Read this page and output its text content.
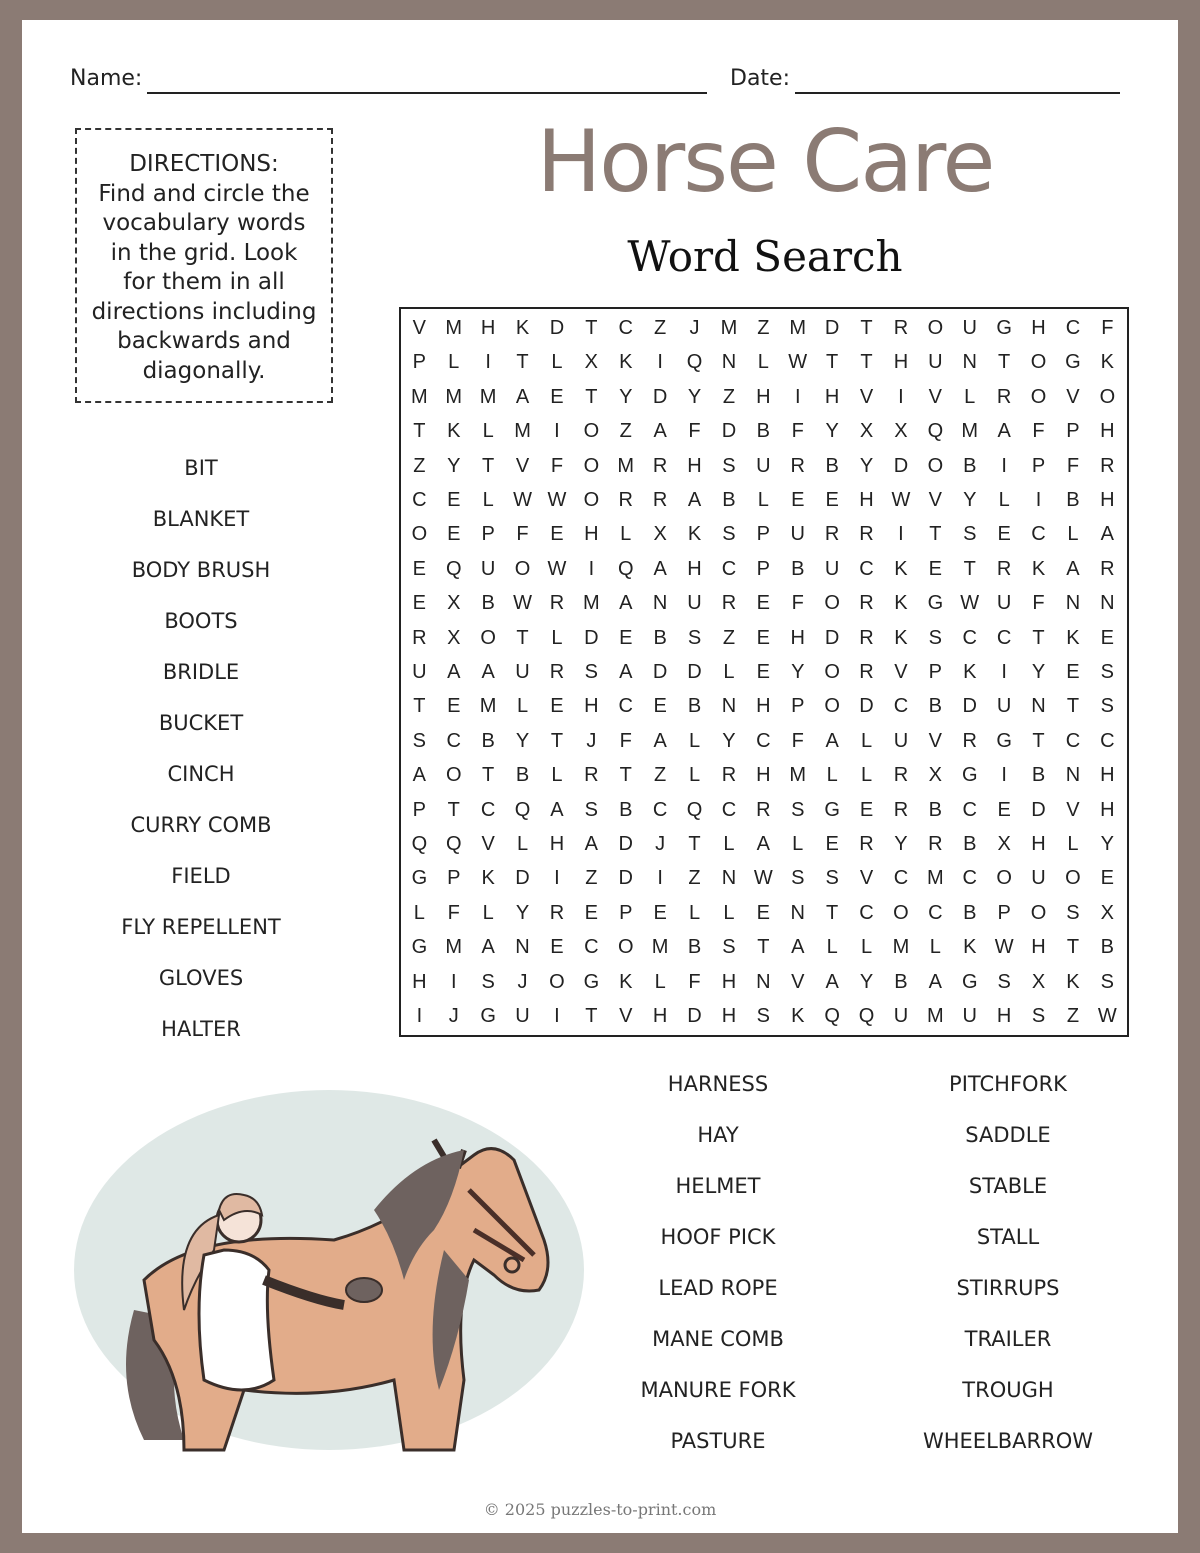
Name:	Date:
DIRECTIONS:
Find and circle the
vocabulary words
in the grid. Look
for them in all
directions including
backwards and
diagonally.
Horse Care
Word Search
V M H	K	D	T	C	Z	J	M Z M D	T	R O U G H C	F
P	L	I	T	L	X	K	I	Q N	L W T	T	H U N	T	O G K
M M M A	E	T	Y	D	Y	Z	H	I	H	V	I	V	L	R O V O
T	K	L	M	I	O	Z	A	F	D	B	F	Y	X	X Q M A	F	P	H
Z	Y	T	V	F	O M R H	S	U R	B	Y	D O B	I	P	F	R
C	E	L W W O R R	A	B	L	E	E	H W V	Y	L	I	B	H
O E	P	F	E	H	L	X	K	S	P	U R R	I	T	S	E	C	L	A
E Q U O W	I	Q A	H C	P	B	U C	K	E	T	R	K	A	R
E	X	B W R M A	N U R	E	F	O R	K G W U	F	N N
R	X O	T	L	D	E	B	S	Z	E	H D R	K	S	C C	T	K	E
U	A	A	U R	S	A	D D	L	E	Y O R	V	P	K	I	Y	E	S
T	E M	L	E	H C	E	B	N H	P O D C	B	D U N	T	S
S	C	B	Y	T	J	F	A	L	Y	C	F	A	L	U	V	R G	T	C C
A O	T	B	L	R	T	Z	L	R H M	L	L	R	X G	I	B	N H
P	T	C Q A	S	B	C Q C R	S G E	R	B	C	E	D	V	H
Q Q V	L	H	A	D	J	T	L	A	L	E	R	Y	R	B	X	H	L	Y
G P	K	D	I	Z	D	I	Z	N W S	S	V	C M C O U O E
L	F	L	Y	R	E	P	E	L	L	E	N	T	C O C	B	P O S	X
G M A	N	E	C O M B	S	T	A	L	L	M	L	K W H	T	B
H	I	S	J	O G K	L	F	H N	V	A	Y	B	A G S	X	K	S
I	J	G U	I	T	V	H D H	S	K Q Q U M U H	S	Z W
BIT
BLANKET
BODY BRUSH
BOOTS
BRIDLE
BUCKET
CINCH
CURRY COMB
FIELD
FLY REPELLENT
GLOVES
HALTER
HARNESS
HAY
HELMET
HOOF PICK
LEAD ROPE
MANE COMB
MANURE FORK
PASTURE
PITCHFORK
SADDLE
STABLE
STALL
STIRRUPS
TRAILER
TROUGH
WHEELBARROW
© 2025 puzzles-to-print.com
